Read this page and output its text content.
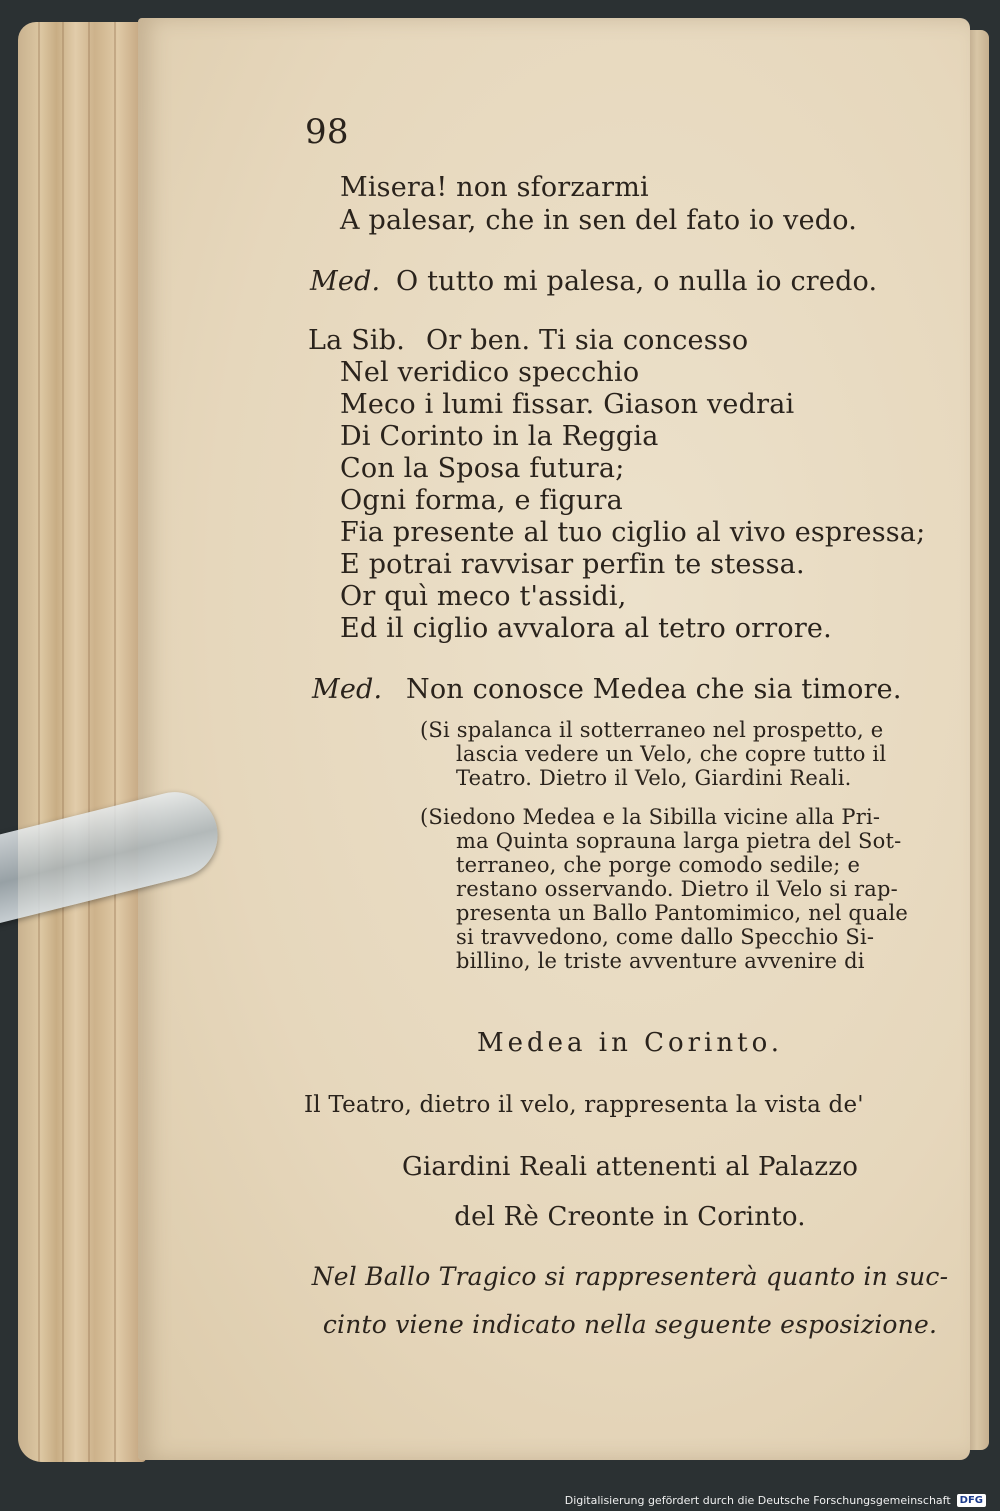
98
Misera! non sforzarmi
A palesar, che in sen del fato io vedo.
Med. O tutto mi palesa, o nulla io credo.
La Sib. Or ben. Ti sia concesso
Nel veridico specchio
Meco i lumi fissar. Giason vedrai
Di Corinto in la Reggia
Con la Sposa futura;
Ogni forma, e figura
Fia presente al tuo ciglio al vivo espressa;
E potrai ravvisar perfin te stessa.
Or quì meco t'assidi,
Ed il ciglio avvalora al tetro orrore.
Med. Non conosce Medea che sia timore.
(Si spalanca il sotterraneo nel prospetto, e
lascia vedere un Velo, che copre tutto il
Teatro. Dietro il Velo, Giardini Reali.
(Siedono Medea e la Sibilla vicine alla Pri-
ma Quinta soprauna larga pietra del Sot-
terraneo, che porge comodo sedile; e
restano osservando. Dietro il Velo si rap-
presenta un Ballo Pantomimico, nel quale
si travvedono, come dallo Specchio Si-
billino, le triste avventure avvenire di
Medea in Corinto.
Il Teatro, dietro il velo, rappresenta la vista de'
Giardini Reali attenenti al Palazzo
del Rè Creonte in Corinto.
Nel Ballo Tragico si rappresenterà quanto in suc-
cinto viene indicato nella seguente esposizione.
Digitalisierung gefördert durch die Deutsche Forschungsgemeinschaft DFG
